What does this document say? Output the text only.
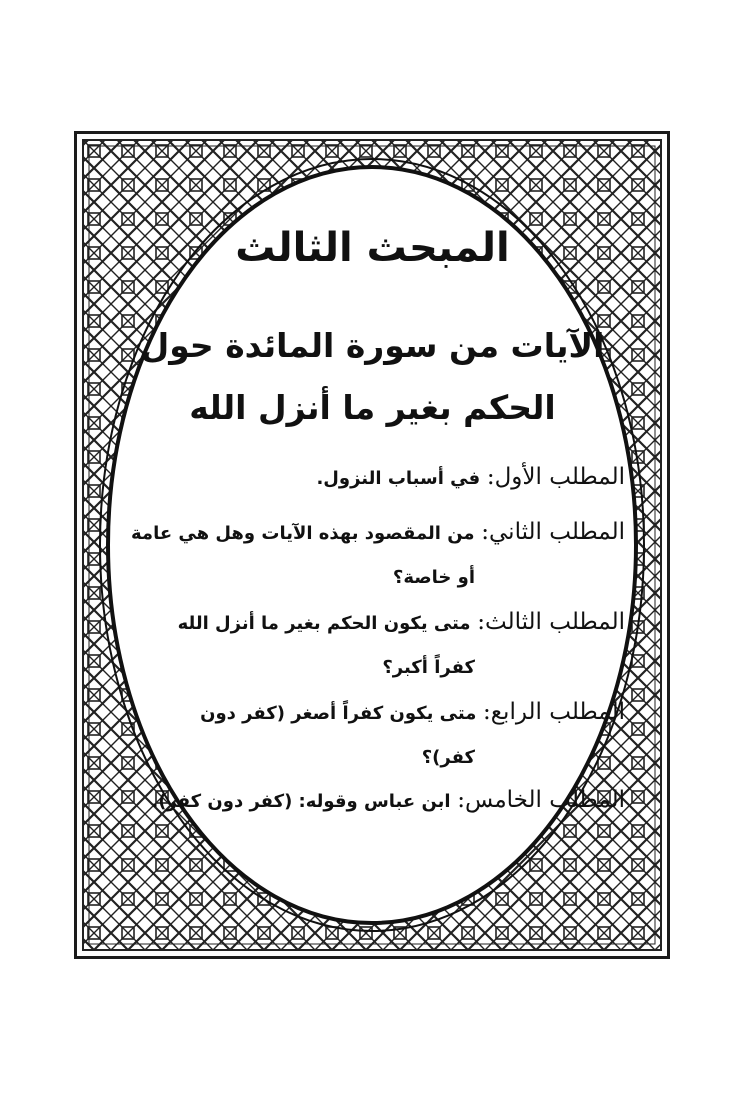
المبحث الثالث
الآيات من سورة المائدة حول
الحكم بغير ما أنزل الله
المطلب الأول: في أسباب النزول.
المطلب الثاني: من المقصود بهذه الآيات وهل هي عامة
أو خاصة؟
المطلب الثالث: متى يكون الحكم بغير ما أنزل الله
كفراً أكبر؟
المطلب الرابع: متى يكون كفراً أصغر (كفر دون
كفر)؟
المطلب الخامس: ابن عباس وقوله: (كفر دون كفر).
